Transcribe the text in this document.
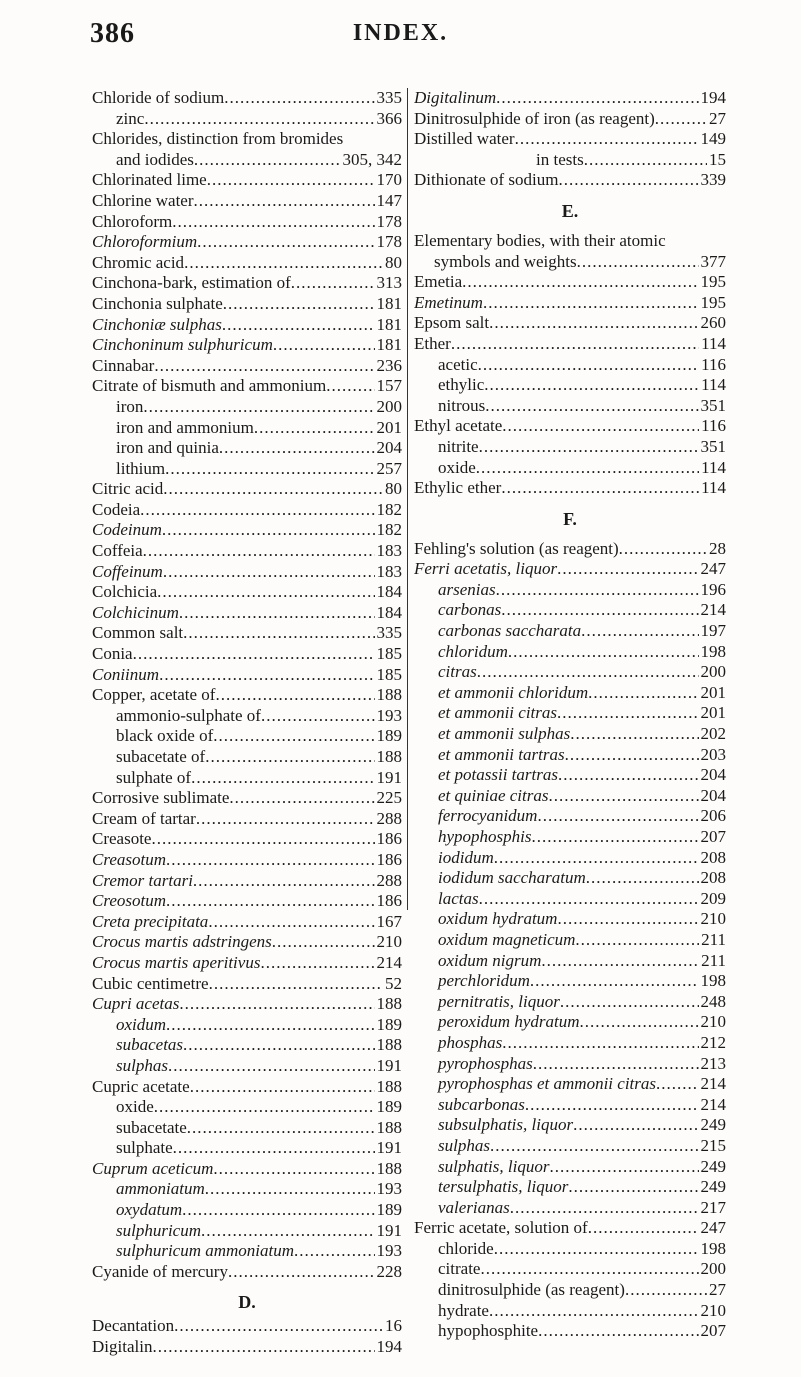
386	INDEX.
Chloride of sodium .....	335
zinc .....	366
Chlorides, distinction from bromides
and iodides .....	305, 342
Chlorinated lime .....	170
Chlorine water .....	147
Chloroform .....	178
Chloroformium .....	178
Chromic acid .....	80
Cinchona-bark, estimation of .....	313
Cinchonia sulphate .....	181
Cinchoniæ sulphas .....	181
Cinchoninum sulphuricum .....	181
Cinnabar .....	236
Citrate of bismuth and ammonium .....	157
iron .....	200
iron and ammonium .....	201
iron and quinia .....	204
lithium .....	257
Citric acid .....	80
Codeia .....	182
Codeinum .....	182
Coffeia .....	183
Coffeinum .....	183
Colchicia .....	184
Colchicinum .....	184
Common salt .....	335
Conia .....	185
Coniinum .....	185
Copper, acetate of .....	188
ammonio-sulphate of .....	193
black oxide of .....	189
subacetate of .....	188
sulphate of .....	191
Corrosive sublimate .....	225
Cream of tartar .....	288
Creasote .....	186
Creasotum .....	186
Cremor tartari .....	288
Creosotum .....	186
Creta precipitata .....	167
Crocus martis adstringens .....	210
Crocus martis aperitivus .....	214
Cubic centimetre .....	52
Cupri acetas .....	188
oxidum .....	189
subacetas .....	188
sulphas .....	191
Cupric acetate .....	188
oxide .....	189
subacetate .....	188
sulphate .....	191
Cuprum aceticum .....	188
ammoniatum .....	193
oxydatum .....	189
sulphuricum .....	191
sulphuricum ammoniatum .....	193
Cyanide of mercury .....	228
D.
Decantation .....	16
Digitalin .....	194
Digitalinum .....	194
Dinitrosulphide of iron (as reagent) .....	27
Distilled water .....	149
in tests .....	15
Dithionate of sodium .....	339
E.
Elementary bodies, with their atomic
symbols and weights .....	377
Emetia .....	195
Emetinum .....	195
Epsom salt .....	260
Ether .....	114
acetic .....	116
ethylic .....	114
nitrous .....	351
Ethyl acetate .....	116
nitrite .....	351
oxide .....	114
Ethylic ether .....	114
F.
Fehling's solution (as reagent) .....	28
Ferri acetatis, liquor .....	247
arsenias .....	196
carbonas .....	214
carbonas saccharata .....	197
chloridum .....	198
citras .....	200
et ammonii chloridum .....	201
et ammonii citras .....	201
et ammonii sulphas .....	202
et ammonii tartras .....	203
et potassii tartras .....	204
et quiniae citras .....	204
ferrocyanidum .....	206
hypophosphis .....	207
iodidum .....	208
iodidum saccharatum .....	208
lactas .....	209
oxidum hydratum .....	210
oxidum magneticum .....	211
oxidum nigrum .....	211
perchloridum .....	198
pernitratis, liquor .....	248
peroxidum hydratum .....	210
phosphas .....	212
pyrophosphas .....	213
pyrophosphas et ammonii citras .....	214
subcarbonas .....	214
subsulphatis, liquor .....	249
sulphas .....	215
sulphatis, liquor .....	249
tersulphatis, liquor .....	249
valerianas .....	217
Ferric acetate, solution of .....	247
chloride .....	198
citrate .....	200
dinitrosulphide (as reagent) .....	27
hydrate .....	210
hypophosphite .....	207
